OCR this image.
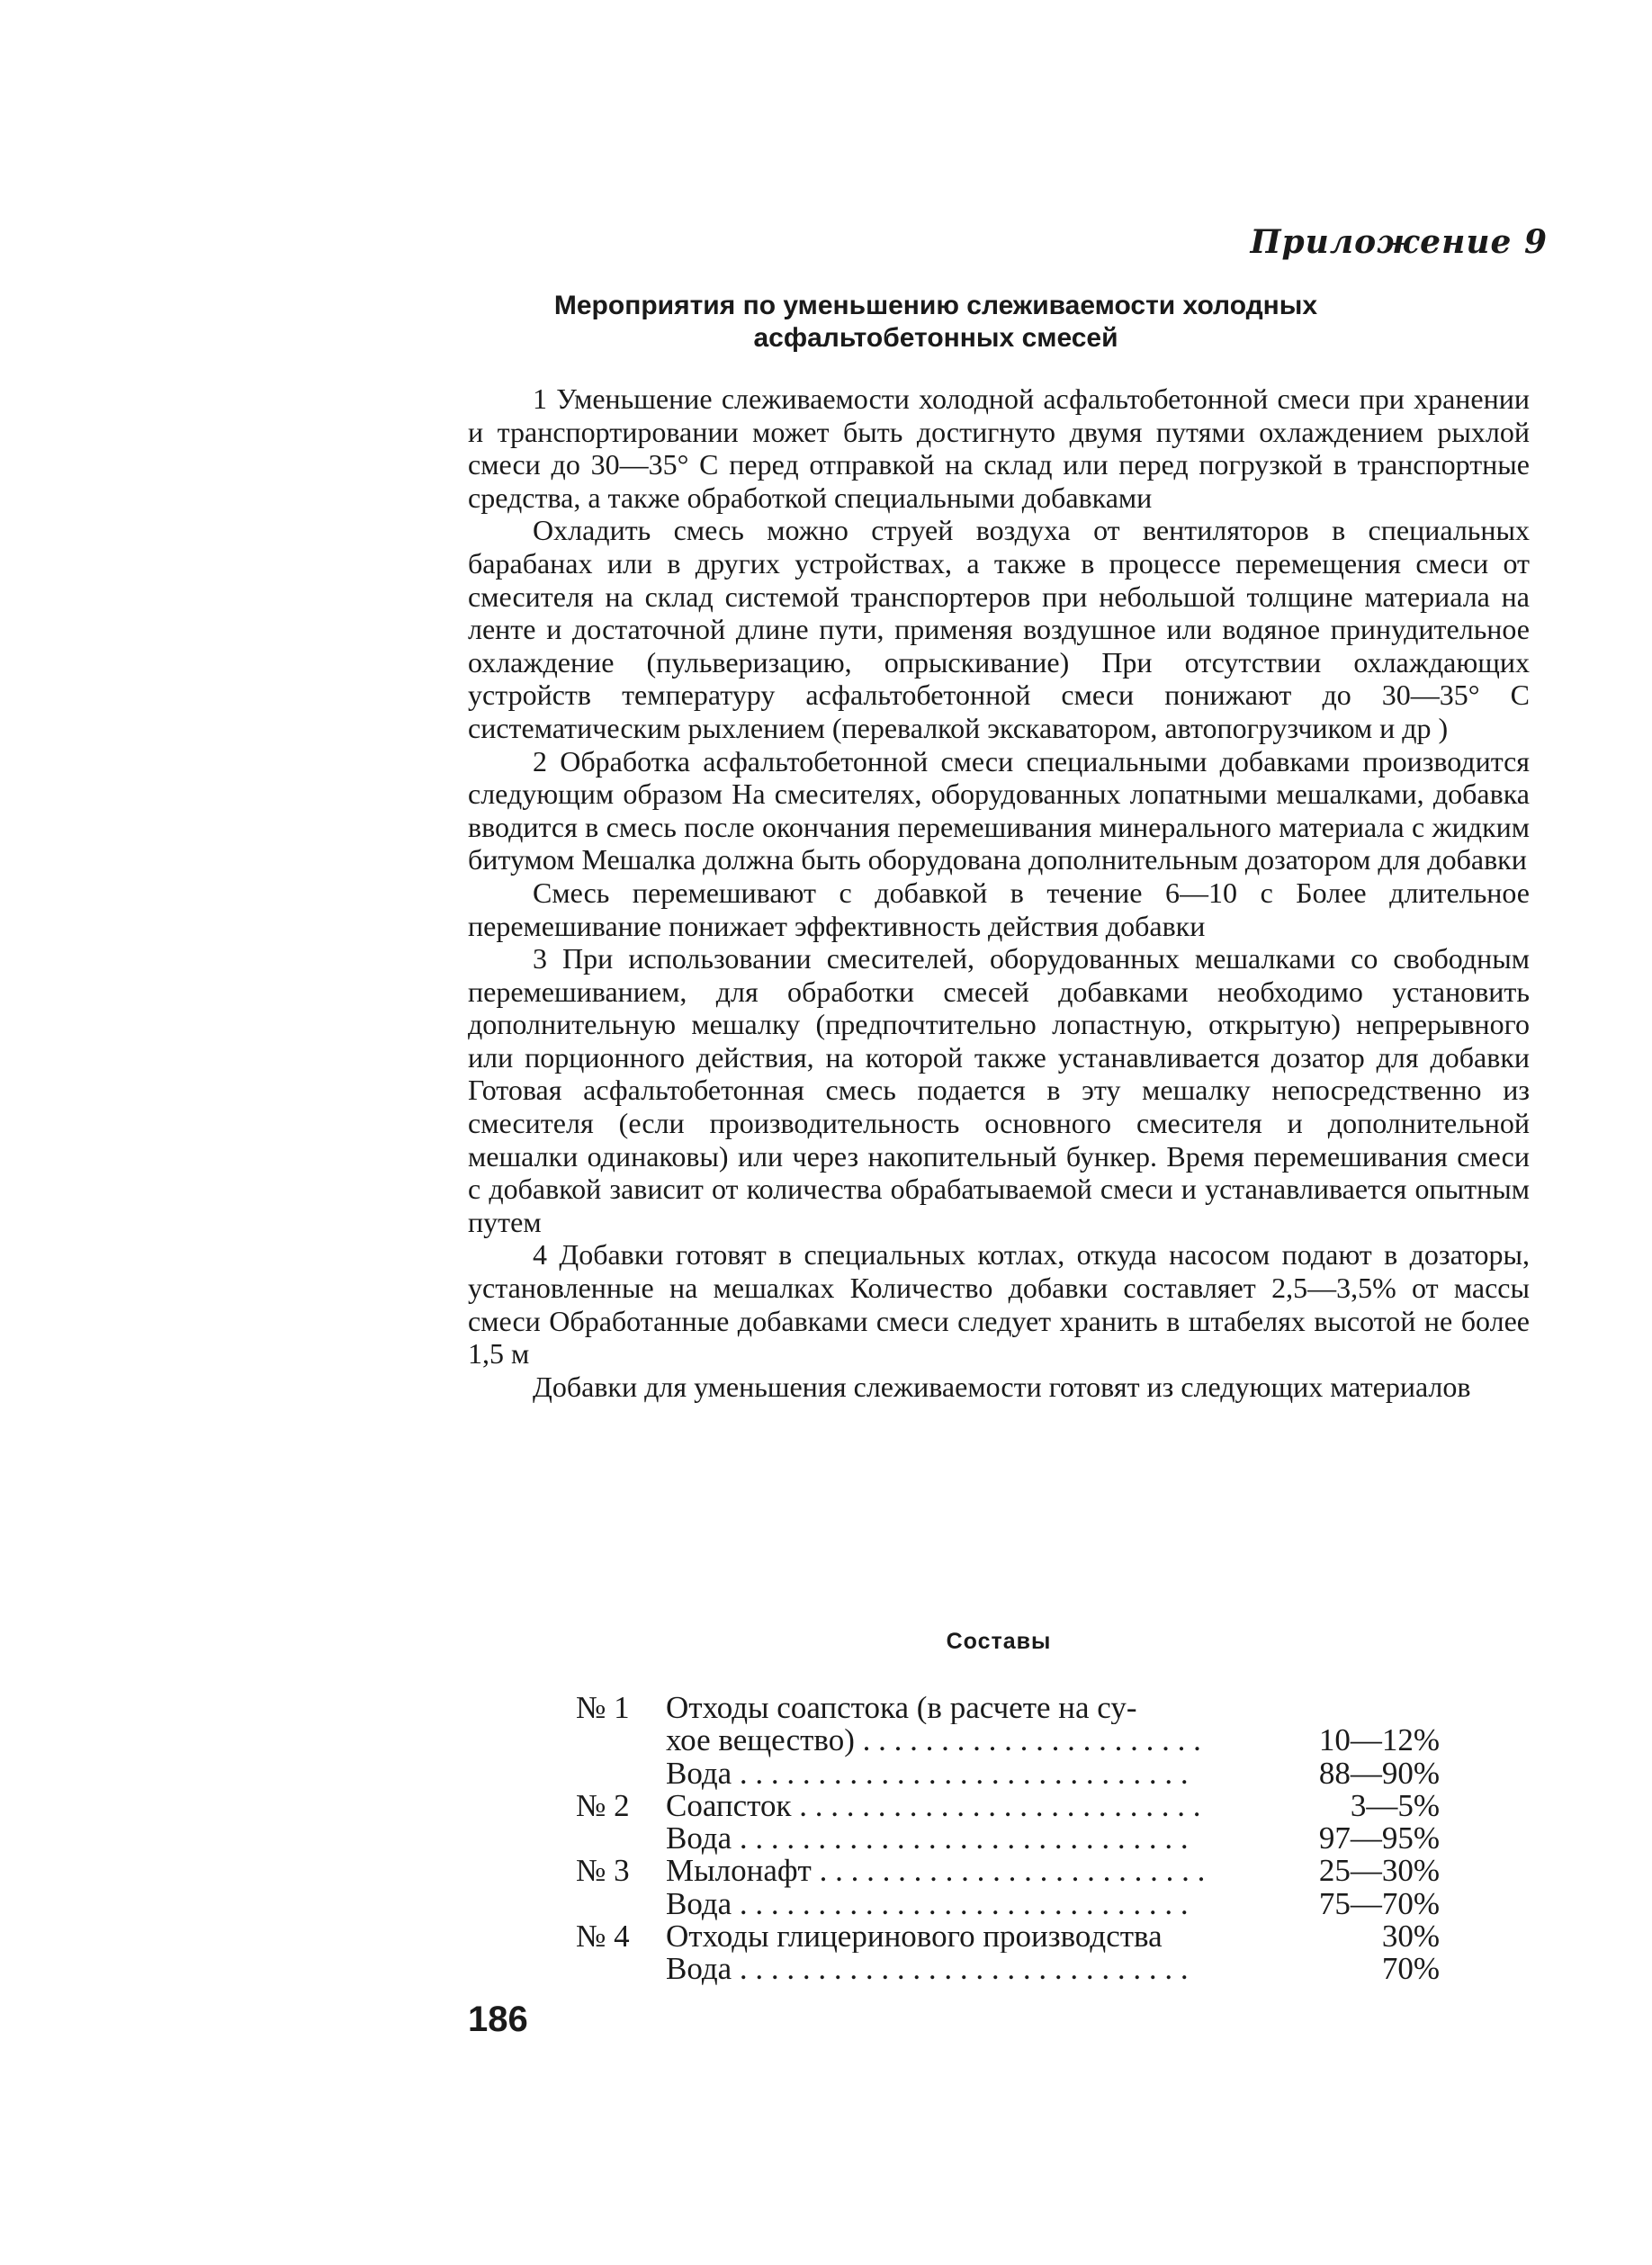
Приложение 9
Мероприятия по уменьшению слеживаемости холодных
асфальтобетонных смесей

1 Уменьшение слеживаемости холодной асфальтобетонной смеси при хранении и транспортировании может быть достигнуто двумя путями охлаждением рыхлой смеси до 30—35° С перед отправкой на склад или перед погрузкой в транспортные средства, а также обработкой специальными добавками

Охладить смесь можно струей воздуха от вентиляторов в специальных барабанах или в других устройствах, а также в процессе перемещения смеси от смесителя на склад системой транспортеров при небольшой толщине материала на ленте и достаточной длине пути, применяя воздушное или водяное принудительное охлаждение (пульверизацию, опрыскивание) При отсутствии охлаждающих устройств температуру асфальтобетонной смеси понижают до 30—35° С систематическим рыхлением (перевалкой экскаватором, автопогрузчиком и др )

2 Обработка асфальтобетонной смеси специальными добавками производится следующим образом На смесителях, оборудованных лопатными мешалками, добавка вводится в смесь после окончания перемешивания минерального материала с жидким битумом Мешалка должна быть оборудована дополнительным дозатором для добавки

Смесь перемешивают с добавкой в течение 6—10 с Более длительное перемешивание понижает эффективность действия добавки

3 При использовании смесителей, оборудованных мешалками со свободным перемешиванием, для обработки смесей добавками необходимо установить дополнительную мешалку (предпочтительно лопастную, открытую) непрерывного или порционного действия, на которой также устанавливается дозатор для добавки Готовая асфальтобетонная смесь подается в эту мешалку непосредственно из смесителя (если производительность основного смесителя и дополнительной мешалки одинаковы) или через накопительный бункер. Время перемешивания смеси с добавкой зависит от количества обрабатываемой смеси и устанавливается опытным путем

4 Добавки готовят в специальных котлах, откуда насосом подают в дозаторы, установленные на мешалках Количество добавки составляет 2,5—3,5% от массы смеси Обработанные добавками смеси следует хранить в штабелях высотой не более 1,5 м

Добавки для уменьшения слеживаемости готовят из следующих материалов

Составы
№ 1	Отходы соапстока (в расчете на су-
хое вещество) . . . . . . . . . . . . . . . . . . . . . .	10—12%
Вода . . . . . . . . . . . . . . . . . . . . . . . . . . . . .	88—90%
№ 2	Соапсток . . . . . . . . . . . . . . . . . . . . . . . . . .	3—5%
Вода . . . . . . . . . . . . . . . . . . . . . . . . . . . . .	97—95%
№ 3	Мылонафт . . . . . . . . . . . . . . . . . . . . . . . . .	25—30%
Вода . . . . . . . . . . . . . . . . . . . . . . . . . . . . .	75—70%
№ 4	Отходы глицеринового производства	30%
Вода . . . . . . . . . . . . . . . . . . . . . . . . . . . . .	70%
186
